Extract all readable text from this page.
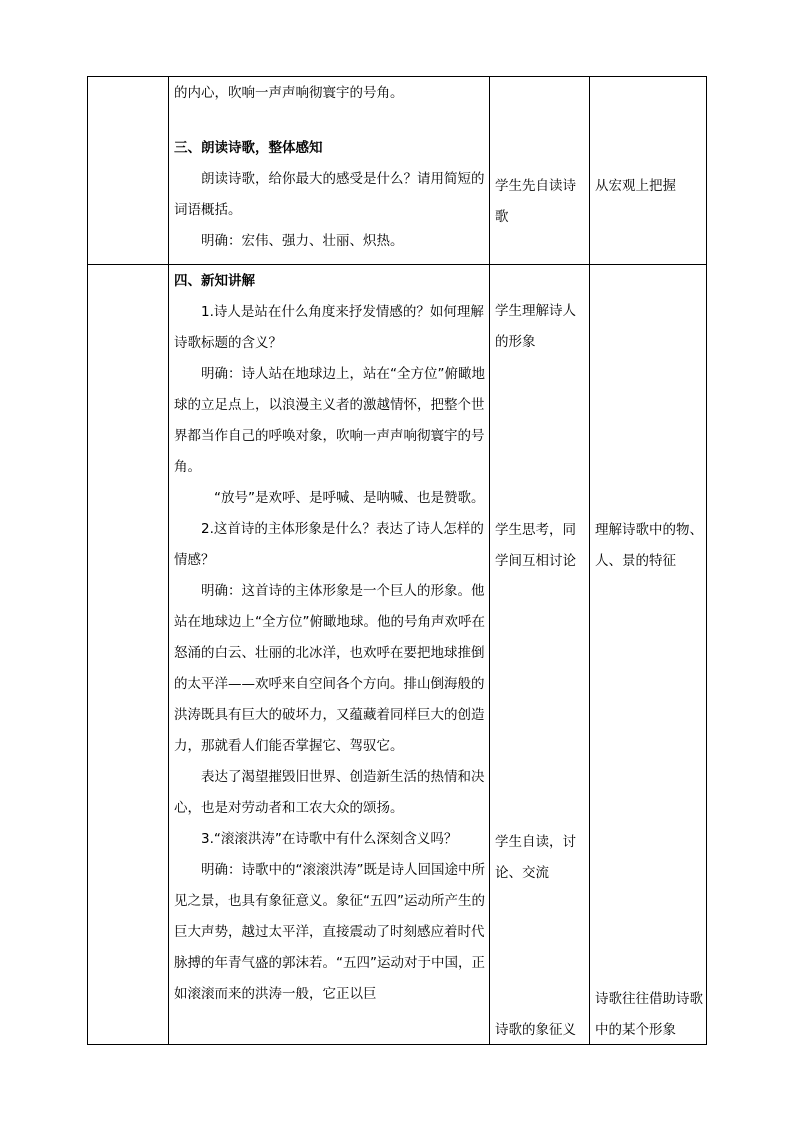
的内心，吹响一声声响彻寰宇的号角。

三、朗读诗歌，整体感知

朗读诗歌，给你最大的感受是什么？请用简短的词语概括。

明确：宏伟、强力、壮丽、炽热。

学生先自读诗歌

从宏观上把握

四、新知讲解

1.诗人是站在什么角度来抒发情感的？如何理解诗歌标题的含义？

明确：诗人站在地球边上，站在“全方位”俯瞰地球的立足点上，以浪漫主义者的激越情怀，把整个世界都当作自己的呼唤对象，吹响一声声响彻寰宇的号角。

“放号”是欢呼、是呼喊、是呐喊、也是赞歌。

2.这首诗的主体形象是什么？表达了诗人怎样的情感？

明确：这首诗的主体形象是一个巨人的形象。他站在地球边上“全方位”俯瞰地球。他的号角声欢呼在怒涌的白云、壮丽的北冰洋，也欢呼在要把地球推倒的太平洋——欢呼来自空间各个方向。排山倒海般的洪涛既具有巨大的破坏力，又蕴藏着同样巨大的创造力，那就看人们能否掌握它、驾驭它。

表达了渴望摧毁旧世界、创造新生活的热情和决心，也是对劳动者和工农大众的颂扬。

3.“滚滚洪涛”在诗歌中有什么深刻含义吗？

明确：诗歌中的“滚滚洪涛”既是诗人回国途中所见之景，也具有象征意义。象征“五四”运动所产生的巨大声势，越过太平洋，直接震动了时刻感应着时代脉搏的年青气盛的郭沫若。“五四”运动对于中国，正如滚滚而来的洪涛一般，它正以巨

学生理解诗人的形象

学生思考，同学间互相讨论

学生自读，讨论、交流

诗歌的象征义

理解诗歌中的物、人、景的特征

诗歌往往借助诗歌中的某个形象
